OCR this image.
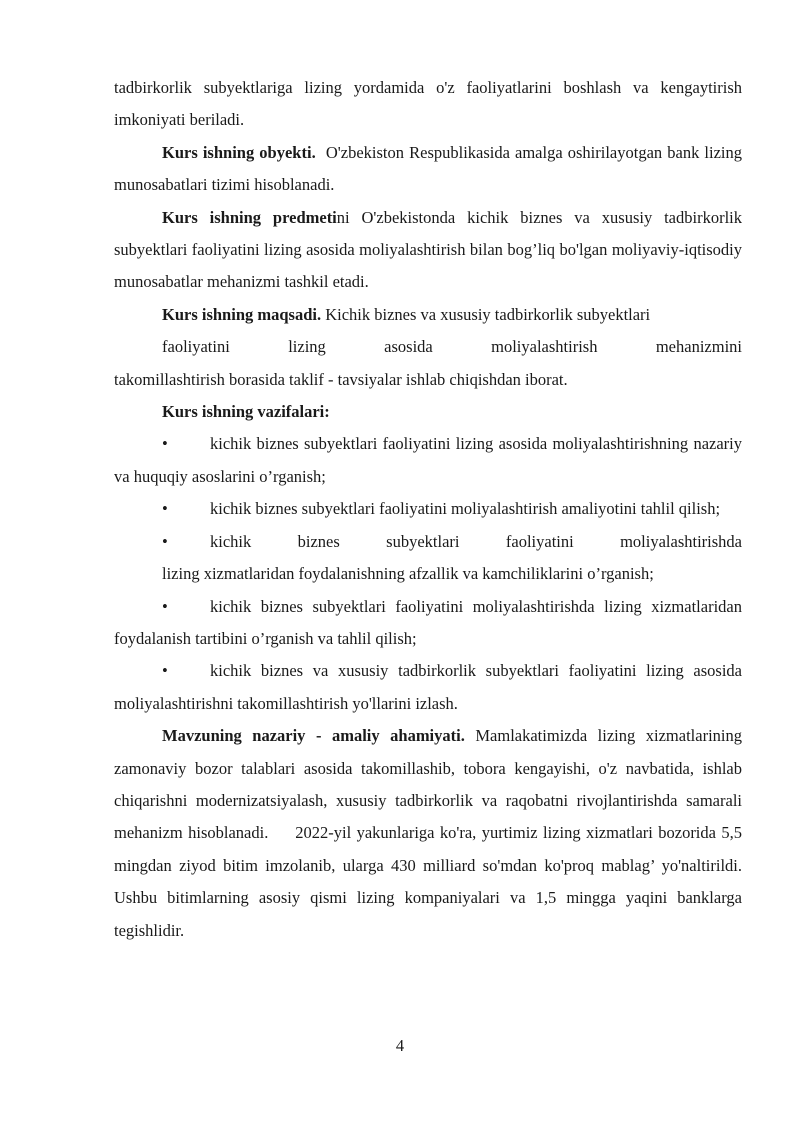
tadbirkorlik subyektlariga lizing yordamida o'z faoliyatlarini boshlash va kengaytirish imkoniyati beriladi.

Kurs ishning obyekti. O'zbekiston Respublikasida amalga oshirilayotgan bank lizing munosabatlari tizimi hisoblanadi.

Kurs ishning predmetini O'zbekistonda kichik biznes va xususiy tadbirkorlik subyektlari faoliyatini lizing asosida moliyalashtirish bilan bog’liq bo'lgan moliyaviy-iqtisodiy munosabatlar mehanizmi tashkil etadi.

Kurs ishning maqsadi. Kichik biznes va xususiy tadbirkorlik subyektlari

faoliyatini lizing asosida moliyalashtirish mehanizmini

takomillashtirish borasida taklif - tavsiyalar ishlab chiqishdan iborat.

Kurs ishning vazifalari:

•	kichik biznes subyektlari faoliyatini lizing asosida moliyalashtirishning nazariy va huquqiy asoslarini o’rganish;

•	kichik biznes subyektlari faoliyatini moliyalashtirish amaliyotini tahlil qilish;

•	kichik biznes subyektlari faoliyatini moliyalashtirishda

lizing xizmatlaridan foydalanishning afzallik va kamchiliklarini o’rganish;

•	kichik biznes subyektlari faoliyatini moliyalashtirishda lizing xizmatlaridan foydalanish tartibini o’rganish va tahlil qilish;

•	kichik biznes va xususiy tadbirkorlik subyektlari faoliyatini lizing asosida moliyalashtirishni takomillashtirish yo'llarini izlash.

Mavzuning nazariy - amaliy ahamiyati. Mamlakatimizda lizing xizmatlarining zamonaviy bozor talablari asosida takomillashib, tobora kengayishi, o'z navbatida, ishlab chiqarishni modernizatsiyalash, xususiy tadbirkorlik va raqobatni rivojlantirishda samarali mehanizm hisoblanadi.     2022-yil yakunlariga ko'ra, yurtimiz lizing xizmatlari bozorida 5,5 mingdan ziyod bitim imzolanib, ularga 430 milliard so'mdan ko'proq mablag’ yo'naltirildi. Ushbu bitimlarning asosiy qismi lizing kompaniyalari va 1,5 mingga yaqini banklarga tegishlidir.

4
